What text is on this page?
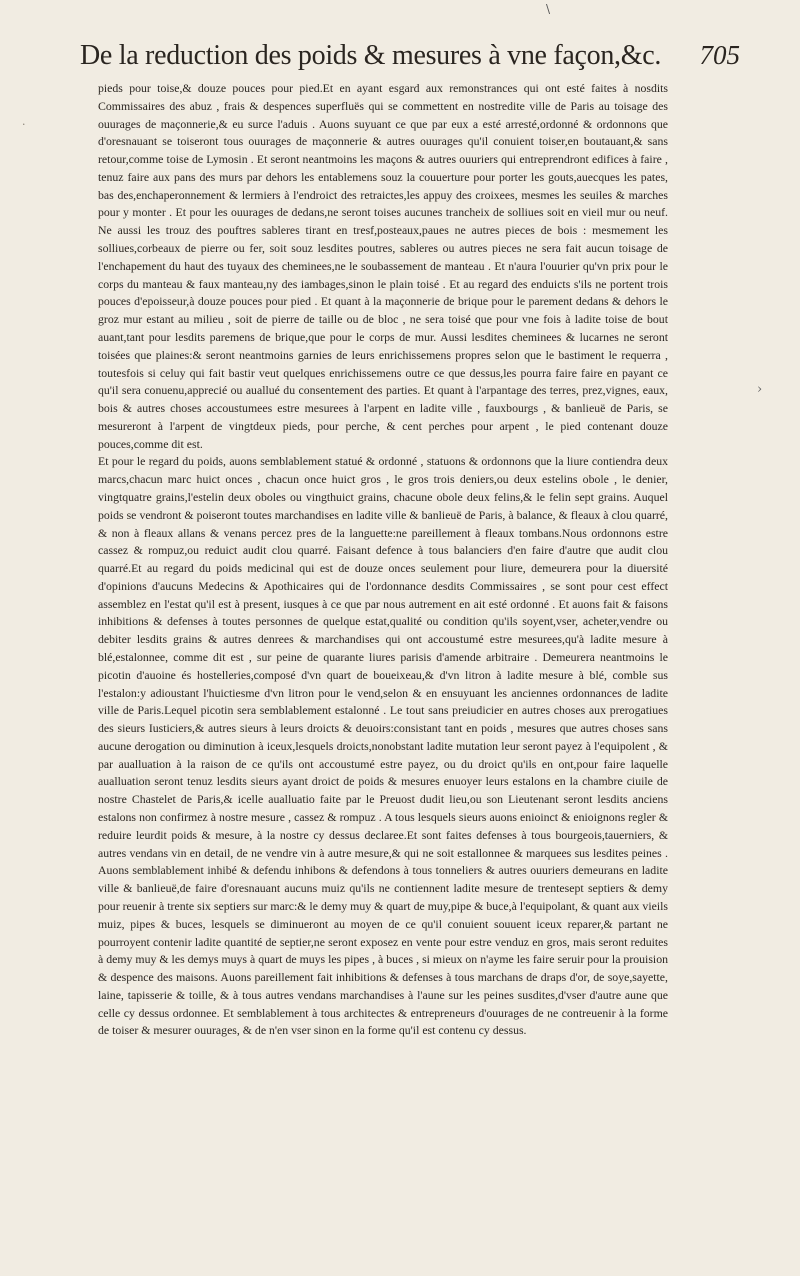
\
De la reduction des poids & mesures à vne façon,&c. 705
·
›

pieds pour toise,& douze pouces pour pied.Et en ayant esgard aux remonstrances qui ont esté faites à nosdits Commissaires des abuz , frais & despences superfluës qui se commettent en nostredite ville de Paris au toisage des ouurages de maçonnerie,& eu surce l'aduis . Auons suyuant ce que par eux a esté arresté,ordonné & ordonnons que d'oresnauant se toiseront tous ouurages de maçonnerie & autres ouurages qu'il conuient toiser,en boutauant,& sans retour,comme toise de Lymosin . Et seront neantmoins les maçons & autres ouuriers qui entreprendront edifices à faire , tenuz faire aux pans des murs par dehors les entablemens souz la couuerture pour porter les gouts,auecques les pates, bas des,enchaperonnement & lermiers à l'endroict des retraictes,les appuy des croixees, mesmes les seuiles & marches pour y monter . Et pour les ouurages de dedans,ne seront toises aucunes trancheix de solliues soit en vieil mur ou neuf. Ne aussi les trouz des pouftres sableres tirant en tresf,posteaux,paues ne autres pieces de bois : mesmement les solliues,corbeaux de pierre ou fer, soit souz lesdites poutres, sableres ou autres pieces ne sera fait aucun toisage de l'enchapement du haut des tuyaux des cheminees,ne le soubassement de manteau . Et n'aura l'ouurier qu'vn prix pour le corps du manteau & faux manteau,ny des iambages,sinon le plain toisé . Et au regard des enduicts s'ils ne portent trois pouces d'epoisseur,à douze pouces pour pied . Et quant à la maçonnerie de brique pour le parement dedans & dehors le groz mur estant au milieu , soit de pierre de taille ou de bloc , ne sera toisé que pour vne fois à ladite toise de bout auant,tant pour lesdits paremens de brique,que pour le corps de mur. Aussi lesdites cheminees & lucarnes ne seront toisées que plaines:& seront neantmoins garnies de leurs enrichissemens propres selon que le bastiment le requerra , toutesfois si celuy qui fait bastir veut quelques enrichissemens outre ce que dessus,les pourra faire faire en payant ce qu'il sera conuenu,apprecié ou auallué du consentement des parties. Et quant à l'arpantage des terres, prez,vignes, eaux, bois & autres choses accoustumees estre mesurees à l'arpent en ladite ville , fauxbourgs , & banlieuë de Paris, se mesureront à l'arpent de vingtdeux pieds, pour perche, & cent perches pour arpent , le pied contenant douze pouces,comme dit est.

Et pour le regard du poids, auons semblablement statué & ordonné , statuons & ordonnons que la liure contiendra deux marcs,chacun marc huict onces , chacun once huict gros , le gros trois deniers,ou deux estelins obole , le denier, vingtquatre grains,l'estelin deux oboles ou vingthuict grains, chacune obole deux felins,& le felin sept grains. Auquel poids se vendront & poiseront toutes marchandises en ladite ville & banlieuë de Paris, à balance, & fleaux à clou quarré, & non à fleaux allans & venans percez pres de la languette:ne pareillement à fleaux tombans.Nous ordonnons estre cassez & rompuz,ou reduict audit clou quarré. Faisant defence à tous balanciers d'en faire d'autre que audit clou quarré.Et au regard du poids medicinal qui est de douze onces seulement pour liure, demeurera pour la diuersité d'opinions d'aucuns Medecins & Apothicaires qui de l'ordonnance desdits Commissaires , se sont pour cest effect assemblez en l'estat qu'il est à present, iusques à ce que par nous autrement en ait esté ordonné . Et auons fait & faisons inhibitions & defenses à toutes personnes de quelque estat,qualité ou condition qu'ils soyent,vser, acheter,vendre ou debiter lesdits grains & autres denrees & marchandises qui ont accoustumé estre mesurees,qu'à ladite mesure à blé,estalonnee, comme dit est , sur peine de quarante liures parisis d'amende arbitraire . Demeurera neantmoins le picotin d'auoine és hostelleries,composé d'vn quart de boueixeau,& d'vn litron à ladite mesure à blé, comble sus l'estalon:y adioustant l'huictiesme d'vn litron pour le vend,selon & en ensuyuant les anciennes ordonnances de ladite ville de Paris.Lequel picotin sera semblablement estalonné . Le tout sans preiudicier en autres choses aux prerogatiues des sieurs Iusticiers,& autres sieurs à leurs droicts & deuoirs:consistant tant en poids , mesures que autres choses sans aucune derogation ou diminution à iceux,lesquels droicts,nonobstant ladite mutation leur seront payez à l'equipolent , & par aualluation à la raison de ce qu'ils ont accoustumé estre payez, ou du droict qu'ils en ont,pour faire laquelle aualluation seront tenuz lesdits sieurs ayant droict de poids & mesures enuoyer leurs estalons en la chambre ciuile de nostre Chastelet de Paris,& icelle aualluatio faite par le Preuost dudit lieu,ou son Lieutenant seront lesdits anciens estalons non confirmez à nostre mesure , cassez & rompuz . A tous lesquels sieurs auons enioinct & enioignons regler & reduire leurdit poids & mesure, à la nostre cy dessus declaree.Et sont faites defenses à tous bourgeois,tauerniers, & autres vendans vin en detail, de ne vendre vin à autre mesure,& qui ne soit estallonnee & marquees sus lesdites peines . Auons semblablement inhibé & defendu inhibons & defendons à tous tonneliers & autres ouuriers demeurans en ladite ville & banlieuë,de faire d'oresnauant aucuns muiz qu'ils ne contiennent ladite mesure de trentesept septiers & demy pour reuenir à trente six septiers sur marc:& le demy muy & quart de muy,pipe & buce,à l'equipolant, & quant aux vieils muiz, pipes & buces, lesquels se diminueront au moyen de ce qu'il conuient souuent iceux reparer,& partant ne pourroyent contenir ladite quantité de septier,ne seront exposez en vente pour estre venduz en gros, mais seront reduites à demy muy & les demys muys à quart de muys les pipes , à buces , si mieux on n'ayme les faire seruir pour la prouision & despence des maisons. Auons pareillement fait inhibitions & defenses à tous marchans de draps d'or, de soye,sayette, laine, tapisserie & toille, & à tous autres vendans marchandises à l'aune sur les peines susdites,d'vser d'autre aune que celle cy dessus ordonnee. Et semblablement à tous architectes & entrepreneurs d'ouurages de ne contreuenir à la forme de toiser & mesurer ouurages, & de n'en vser sinon en la forme qu'il est contenu cy dessus.
